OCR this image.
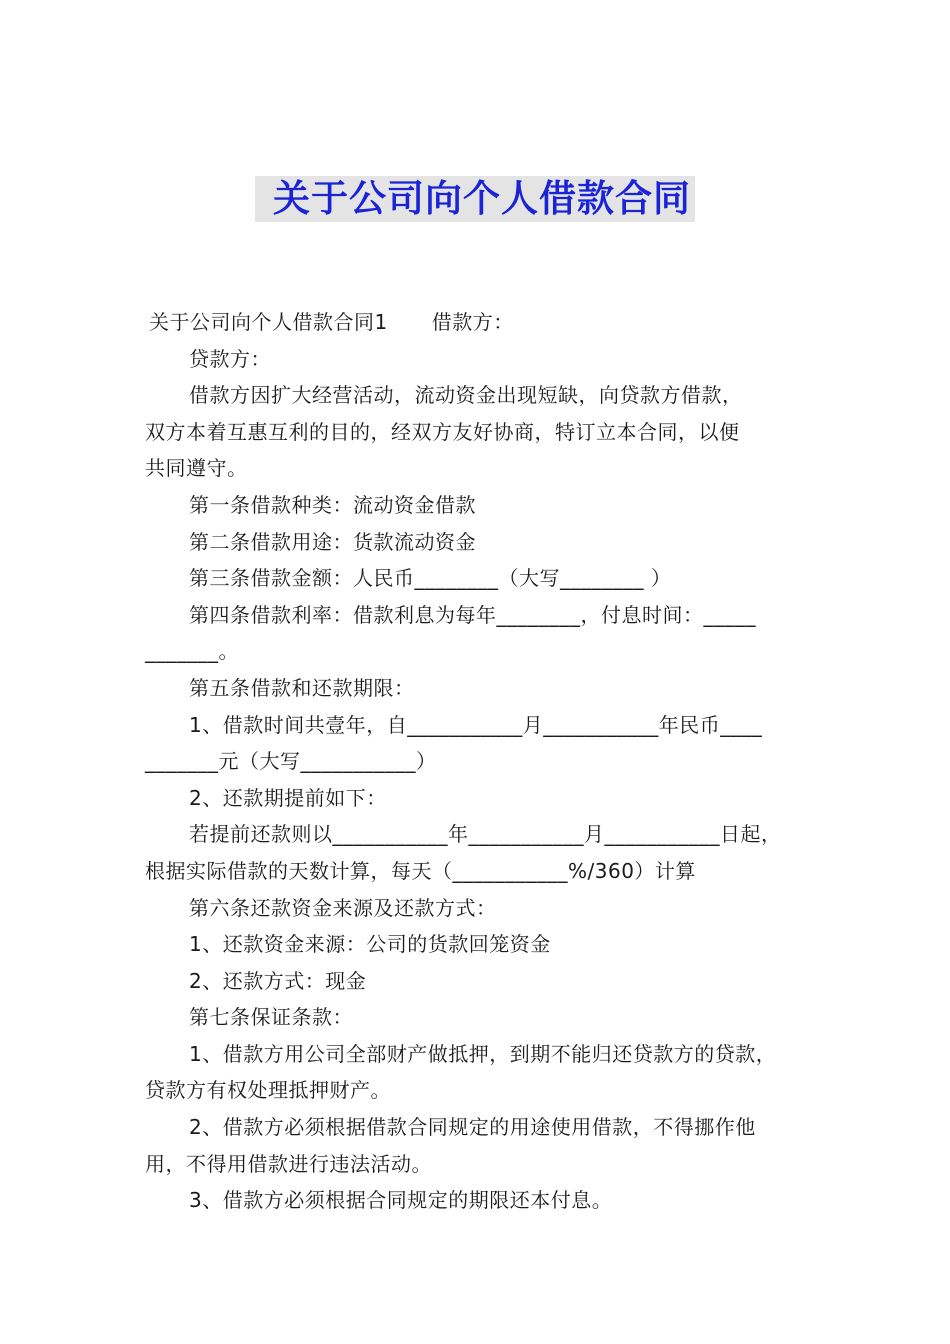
关于公司向个人借款合同
关于公司向个人借款合同1 借款方：
贷款方：
借款方因扩大经营活动，流动资金出现短缺，向贷款方借款，
双方本着互惠互利的目的，经双方友好协商，特订立本合同，以便
共同遵守。
第一条借款种类：流动资金借款
第二条借款用途：货款流动资金
第三条借款金额：人民币________（大写________ ）
第四条借款利率：借款利息为每年________，付息时间：_____
_______。
第五条借款和还款期限：
1、借款时间共壹年，自___________月___________年民币____
_______元（大写___________）
2、还款期提前如下：
若提前还款则以___________年___________月___________日起，
根据实际借款的天数计算，每天（___________%/360）计算
第六条还款资金来源及还款方式：
1、还款资金来源：公司的货款回笼资金
2、还款方式：现金
第七条保证条款：
1、借款方用公司全部财产做抵押，到期不能归还贷款方的贷款，
贷款方有权处理抵押财产。
2、借款方必须根据借款合同规定的用途使用借款，不得挪作他
用，不得用借款进行违法活动。
3、借款方必须根据合同规定的期限还本付息。
